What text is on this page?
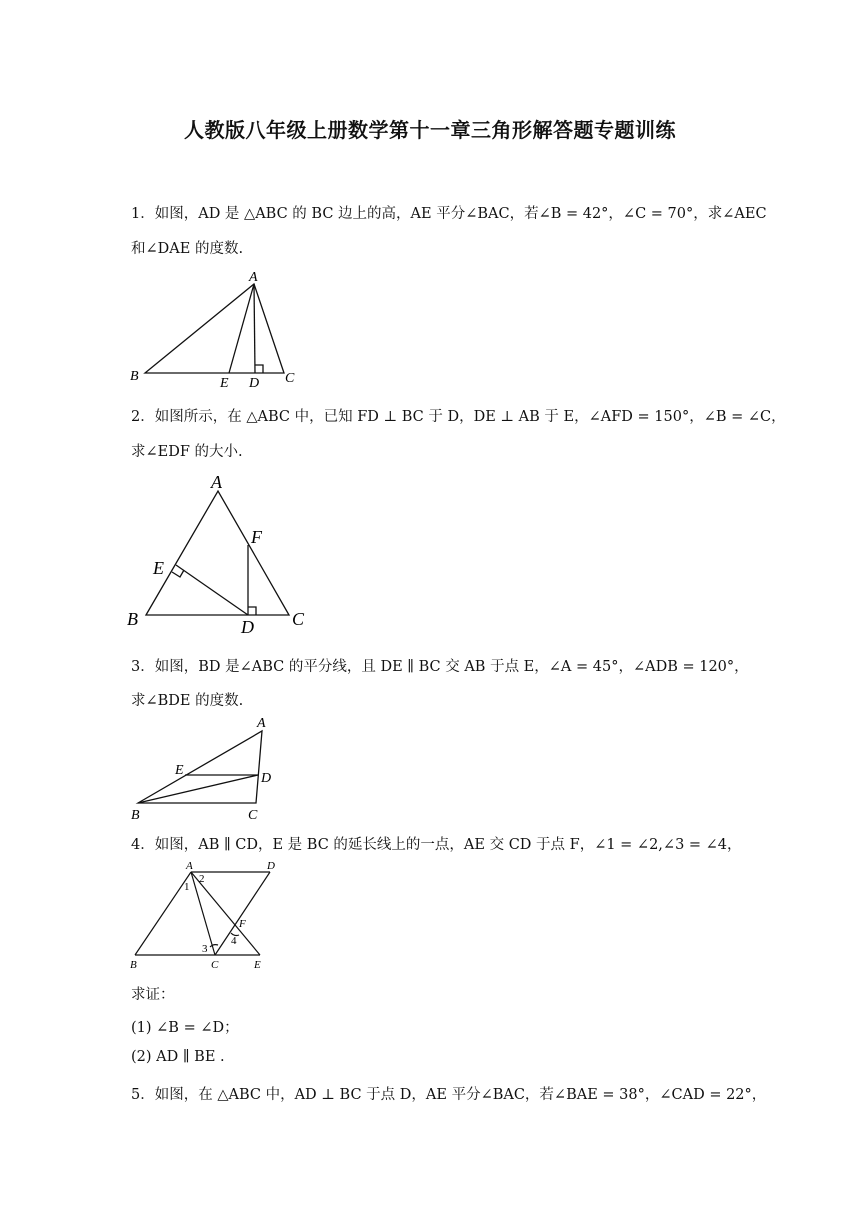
人教版八年级上册数学第十一章三角形解答题专题训练
1．如图，AD 是 △ABC 的 BC 边上的高，AE 平分∠BAC，若∠B = 42°，∠C = 70°，求∠AEC
和∠DAE 的度数.
A
B	E D C
2．如图所示，在 △ABC 中，已知 FD ⊥ BC 于 D，DE ⊥ AB 于 E，∠AFD = 150°，∠B = ∠C，
求∠EDF 的大小.
A
F
E
B	D C
3．如图，BD 是∠ABC 的平分线，且 DE ∥ BC 交 AB 于点 E，∠A = 45°，∠ADB = 120°，
求∠BDE 的度数.
A
E
D
B	C
4．如图，AB ∥ CD，E 是 BC 的延长线上的一点，AE 交 CD 于点 F，∠1 = ∠2,∠3 = ∠4，
A	D
1
2
F
3
4
B	C	E
求证：
(1) ∠B = ∠D；
(2) AD ∥ BE .
5．如图，在 △ABC 中，AD ⊥ BC 于点 D，AE 平分∠BAC，若∠BAE = 38°，∠CAD = 22°，
